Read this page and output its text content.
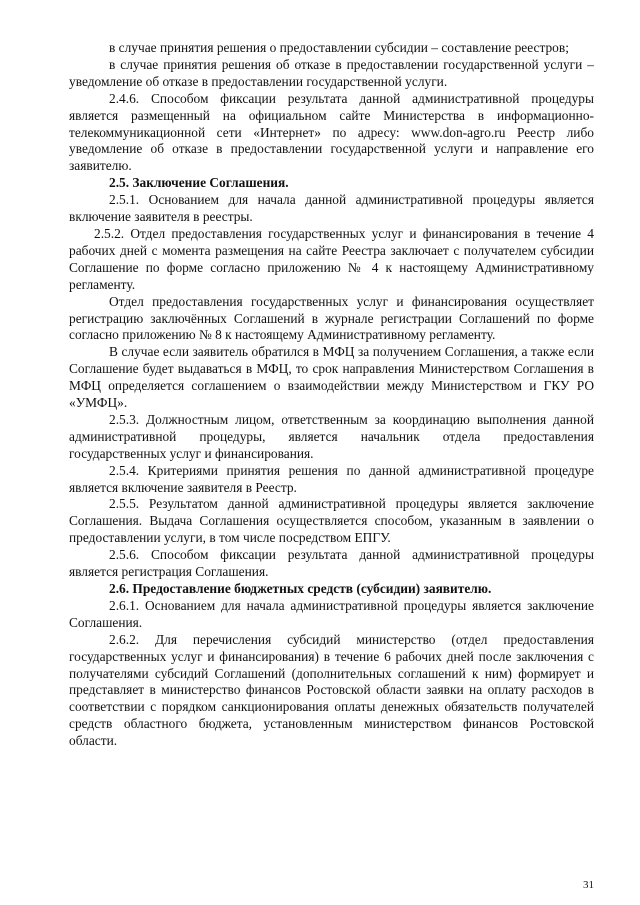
в случае принятия решения о предоставлении субсидии – составление реестров;

в случае принятия решения об отказе в предоставлении государственной услуги – уведомление об отказе в предоставлении государственной услуги.

2.4.6. Способом фиксации результата данной административной процедуры является размещенный на официальном сайте Министерства в информационно-телекоммуникационной сети «Интернет» по адресу: www.don-agro.ru Реестр либо уведомление об отказе в предоставлении государственной услуги и направление его заявителю.

2.5. Заключение Соглашения.

2.5.1. Основанием для начала данной административной процедуры является включение заявителя в реестры.

2.5.2. Отдел предоставления государственных услуг и финансирования в течение 4 рабочих дней с момента размещения на сайте Реестра заключает с получателем субсидии Соглашение по форме согласно приложению № 4 к настоящему Административному регламенту.

Отдел предоставления государственных услуг и финансирования осуществляет регистрацию заключённых Соглашений в журнале регистрации Соглашений по форме согласно приложению № 8 к настоящему Административному регламенту.

В случае если заявитель обратился в МФЦ за получением Соглашения, а также если Соглашение будет выдаваться в МФЦ, то срок направления Министерством Соглашения в МФЦ определяется соглашением о взаимодействии между Министерством и ГКУ РО «УМФЦ».

2.5.3. Должностным лицом, ответственным за координацию выполнения данной административной процедуры, является начальник отдела предоставления государственных услуг и финансирования.

2.5.4. Критериями принятия решения по данной административной процедуре является включение заявителя в Реестр.

2.5.5. Результатом данной административной процедуры является заключение Соглашения. Выдача Соглашения осуществляется способом, указанным в заявлении о предоставлении услуги, в том числе посредством ЕПГУ.

2.5.6. Способом фиксации результата данной административной процедуры является регистрация Соглашения.

2.6. Предоставление бюджетных средств (субсидии) заявителю.

2.6.1. Основанием для начала административной процедуры является заключение Соглашения.

2.6.2. Для перечисления субсидий министерство (отдел предоставления государственных услуг и финансирования) в течение 6 рабочих дней после заключения с получателями субсидий Соглашений (дополнительных соглашений к ним) формирует и представляет в министерство финансов Ростовской области заявки на оплату расходов в соответствии с порядком санкционирования оплаты денежных обязательств получателей средств областного бюджета, установленным министерством финансов Ростовской области.

31
